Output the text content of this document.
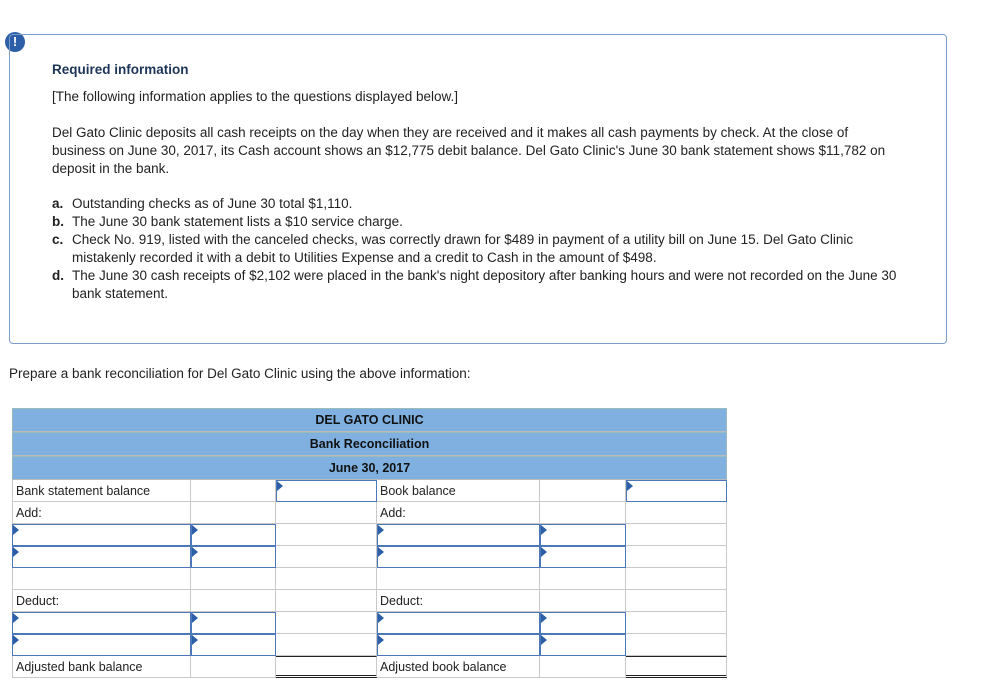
!
Required information
[The following information applies to the questions displayed below.]
Del Gato Clinic deposits all cash receipts on the day when they are received and it makes all cash payments by check. At the close of business on June 30, 2017, its Cash account shows an $12,775 debit balance. Del Gato Clinic's June 30 bank statement shows $11,782 on deposit in the bank.
a. Outstanding checks as of June 30 total $1,110.
b. The June 30 bank statement lists a $10 service charge.
c. Check No. 919, listed with the canceled checks, was correctly drawn for $489 in payment of a utility bill on June 15. Del Gato Clinic mistakenly recorded it with a debit to Utilities Expense and a credit to Cash in the amount of $498.
d. The June 30 cash receipts of $2,102 were placed in the bank's night depository after banking hours and were not recorded on the June 30 bank statement.
Prepare a bank reconciliation for Del Gato Clinic using the above information:
DEL GATO CLINIC
Bank Reconciliation
June 30, 2017
Bank statement balance	Book balance
Add:	Add:
Deduct:	Deduct:
Adjusted bank balance	Adjusted book balance
